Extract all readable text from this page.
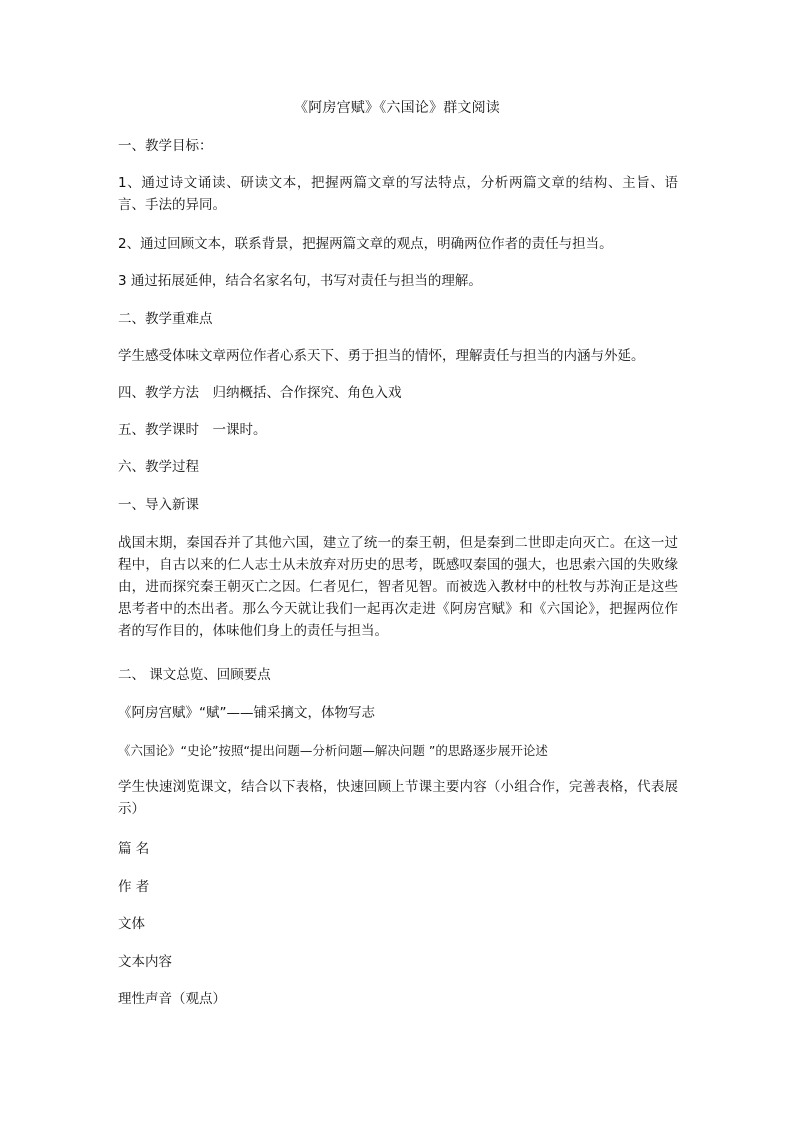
《阿房宫赋》《六国论》群文阅读
一、教学目标：
1、通过诗文诵读、研读文本，把握两篇文章的写法特点，分析两篇文章的结构、主旨、语言、手法的异同。
2、通过回顾文本，联系背景，把握两篇文章的观点，明确两位作者的责任与担当。
3 通过拓展延伸，结合名家名句，书写对责任与担当的理解。
二、教学重难点
学生感受体味文章两位作者心系天下、勇于担当的情怀，理解责任与担当的内涵与外延。
四、教学方法　归纳概括、合作探究、角色入戏
五、教学课时　一课时。
六、教学过程
一、导入新课
战国末期，秦国吞并了其他六国，建立了统一的秦王朝，但是秦到二世即走向灭亡。在这一过程中，自古以来的仁人志士从未放弃对历史的思考，既感叹秦国的强大，也思索六国的失败缘由，进而探究秦王朝灭亡之因。仁者见仁，智者见智。而被选入教材中的杜牧与苏洵正是这些思考者中的杰出者。那么今天就让我们一起再次走进《阿房宫赋》和《六国论》，把握两位作者的写作目的，体味他们身上的责任与担当。
二、 课文总览、回顾要点
《阿房宫赋》“赋”——铺采摛文，体物写志
《六国论》“史论”按照“提出问题—分析问题—解决问题 ”的思路逐步展开论述
学生快速浏览课文，结合以下表格，快速回顾上节课主要内容（小组合作，完善表格，代表展示）
篇 名
作 者
文体
文本内容
理性声音（观点）
